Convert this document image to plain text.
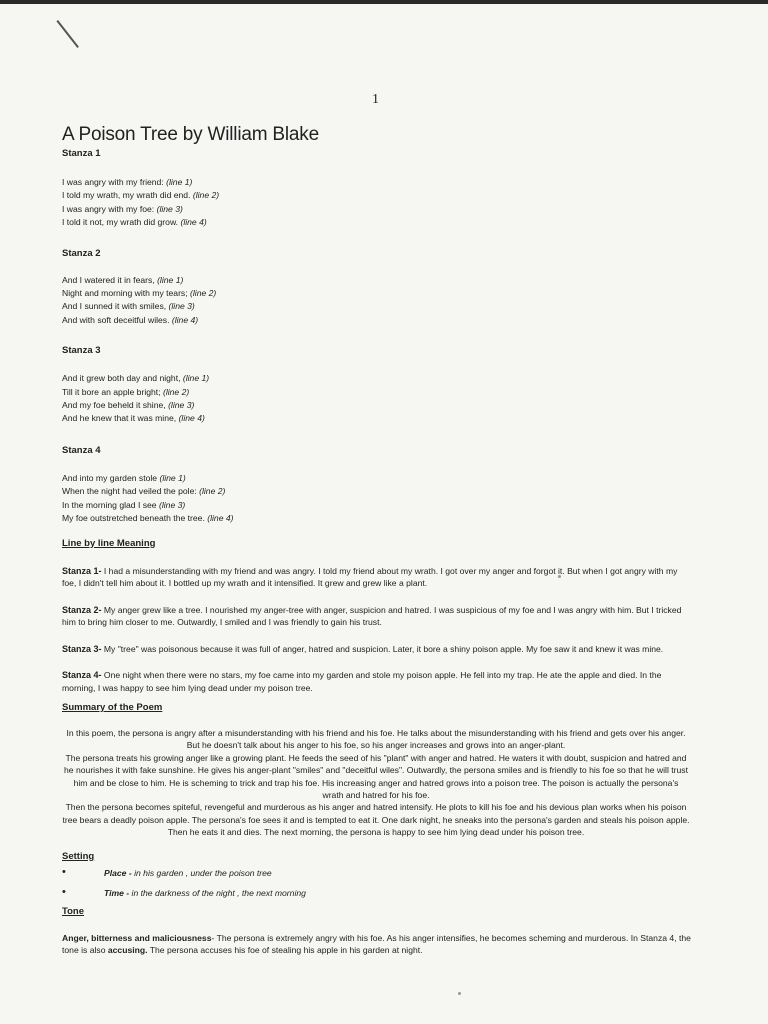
1
A Poison Tree by William Blake
Stanza 1
I was angry with my friend: (line 1)
I told my wrath, my wrath did end. (line 2)
I was angry with my foe: (line 3)
I told it not, my wrath did grow. (line 4)
Stanza 2
And I watered it in fears, (line 1)
Night and morning with my tears; (line 2)
And I sunned it with smiles, (line 3)
And with soft deceitful wiles. (line 4)
Stanza 3
And it grew both day and night, (line 1)
Till it bore an apple bright; (line 2)
And my foe beheld it shine, (line 3)
And he knew that it was mine, (line 4)
Stanza 4
And into my garden stole (line 1)
When the night had veiled the pole: (line 2)
In the morning glad I see (line 3)
My foe outstretched beneath the tree. (line 4)
Line by line Meaning

Stanza 1- I had a misunderstanding with my friend and was angry. I told my friend about my wrath. I got over my anger and forgot it. But when I got angry with my foe, I didn't tell him about it. I bottled up my wrath and it intensified. It grew and grew like a plant.

Stanza 2- My anger grew like a tree. I nourished my anger-tree with anger, suspicion and hatred. I was suspicious of my foe and I was angry with him. But I tricked him to bring him closer to me. Outwardly, I smiled and I was friendly to gain his trust.

Stanza 3- My "tree" was poisonous because it was full of anger, hatred and suspicion. Later, it bore a shiny poison apple. My foe saw it and knew it was mine.

Stanza 4- One night when there were no stars, my foe came into my garden and stole my poison apple. He fell into my trap. He ate the apple and died. In the morning, I was happy to see him lying dead under my poison tree.

Summary of the Poem

In this poem, the persona is angry after a misunderstanding with his friend and his foe. He talks about the misunderstanding with his friend and gets over his anger. But he doesn't talk about his anger to his foe, so his anger increases and grows into an anger-plant.

The persona treats his growing anger like a growing plant. He feeds the seed of his "plant" with anger and hatred. He waters it with doubt, suspicion and hatred and he nourishes it with fake sunshine. He gives his anger-plant "smiles" and "deceitful wiles". Outwardly, the persona smiles and is friendly to his foe so that he will trust him and be close to him. He is scheming to trick and trap his foe. His increasing anger and hatred grows into a poison tree. The poison is actually the persona's wrath and hatred for his foe.

Then the persona becomes spiteful, revengeful and murderous as his anger and hatred intensify. He plots to kill his foe and his devious plan works when his poison tree bears a deadly poison apple. The persona's foe sees it and is tempted to eat it. One dark night, he sneaks into the persona's garden and steals his poison apple. Then he eats it and dies. The next morning, the persona is happy to see him lying dead under his poison tree.

Setting
•	Place - in his garden , under the poison tree
•	Time - in the darkness of the night , the next morning
Tone

Anger, bitterness and maliciousness- The persona is extremely angry with his foe. As his anger intensifies, he becomes scheming and murderous. In Stanza 4, the tone is also accusing. The persona accuses his foe of stealing his apple in his garden at night.
